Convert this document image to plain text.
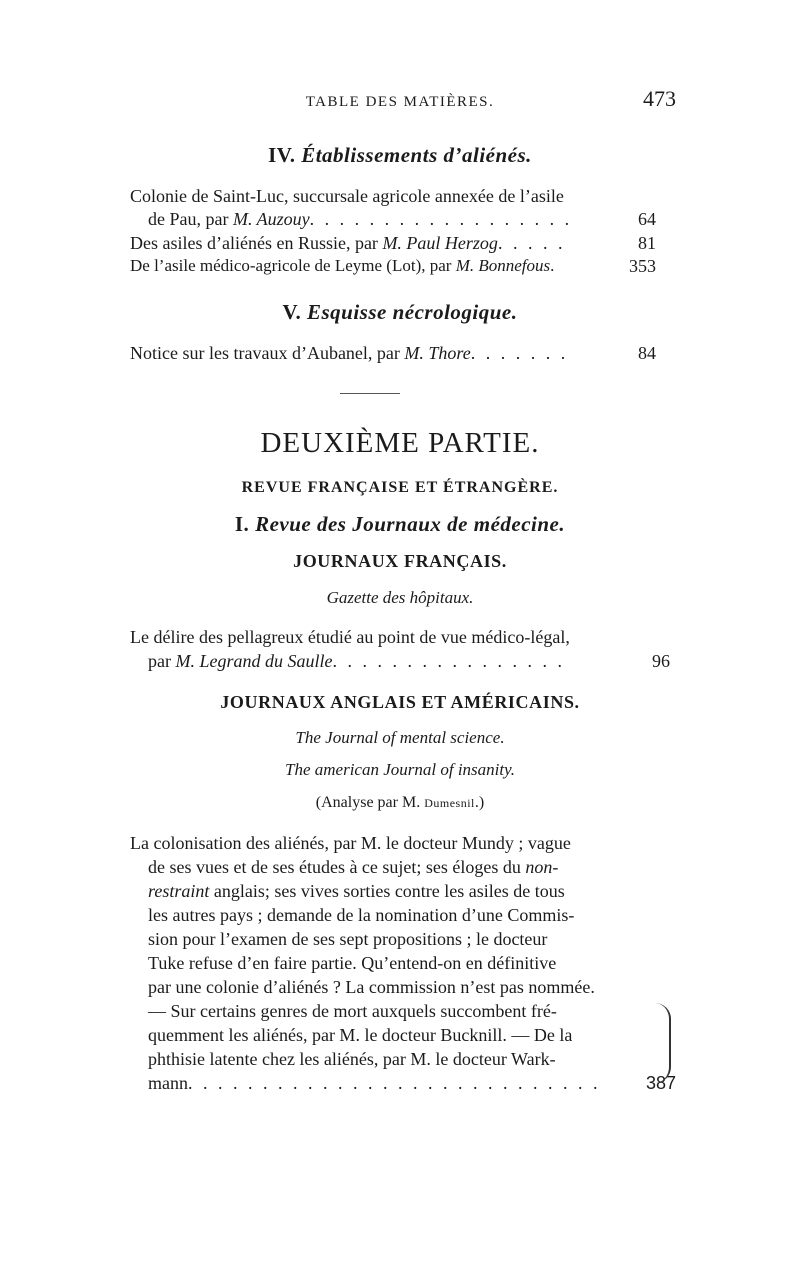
TABLE DES MATIÈRES.	473
IV. Établissements d’aliénés.
Colonie de Saint-Luc, succursale agricole annexée de l’asile
de Pau, par M. Auzouy. . . . . . . . . . . . . . . . . .	64
Des asiles d’aliénés en Russie, par M. Paul Herzog. . . . .	81
De l’asile médico-agricole de Leyme (Lot), par M. Bonnefous.	353
V. Esquisse nécrologique.
Notice sur les travaux d’Aubanel, par M. Thore. . . . . . .	84
DEUXIÈME PARTIE.
REVUE FRANÇAISE ET ÉTRANGÈRE.
I. Revue des Journaux de médecine.
JOURNAUX FRANÇAIS.
Gazette des hôpitaux.
Le délire des pellagreux étudié au point de vue médico-légal,
par M. Legrand du Saulle. . . . . . . . . . . . . . . .	96
JOURNAUX ANGLAIS ET AMÉRICAINS.
The Journal of mental science.
The american Journal of insanity.
(Analyse par M. Dumesnil.)
La colonisation des aliénés, par M. le docteur Mundy ; vague
de ses vues et de ses études à ce sujet; ses éloges du non-
restraint anglais; ses vives sorties contre les asiles de tous
les autres pays ; demande de la nomination d’une Commis-
sion pour l’examen de ses sept propositions ; le docteur
Tuke refuse d’en faire partie. Qu’entend-on en définitive
par une colonie d’aliénés ? La commission n’est pas nommée.
— Sur certains genres de mort auxquels succombent fré-
quemment les aliénés, par M. le docteur Bucknill. — De la
phthisie latente chez les aliénés, par M. le docteur Wark-
mann. . . . . . . . . . . . . . . . . . . . . . . . . . . .	387
